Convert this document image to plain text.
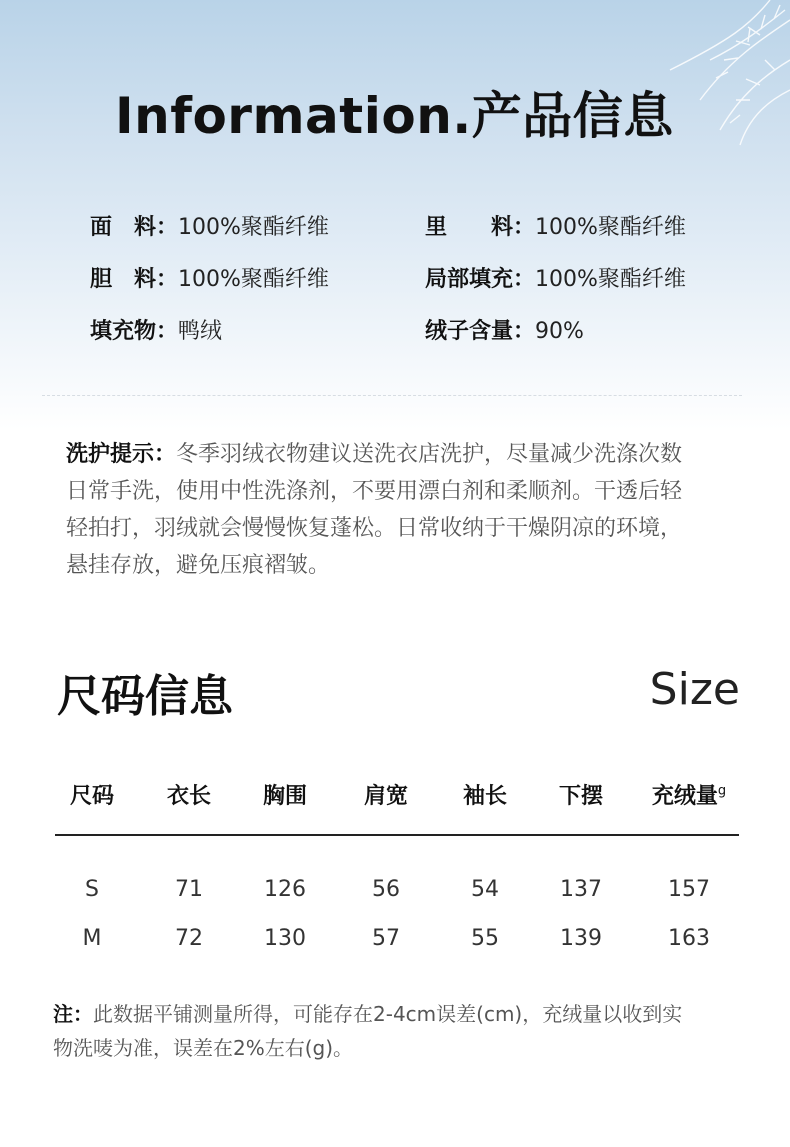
Information.产品信息
面　料：100%聚酯纤维	里　　料：100%聚酯纤维
胆　料：100%聚酯纤维	局部填充：100%聚酯纤维
填充物：鸭绒	绒子含量：90%
洗护提示：冬季羽绒衣物建议送洗衣店洗护，尽量减少洗涤次数
日常手洗，使用中性洗涤剂，不要用漂白剂和柔顺剂。干透后轻
轻拍打，羽绒就会慢慢恢复蓬松。日常收纳于干燥阴凉的环境，
悬挂存放，避免压痕褶皱。
尺码信息	Size
尺码 衣长 胸围	肩宽 袖长 下摆 充绒量$^g$
S	71	126	56	54	137	157
M	72	130	57	55	139	163
注：此数据平铺测量所得，可能存在2-4cm误差(cm)，充绒量以收到实
物洗唛为准，误差在2%左右(g)。
